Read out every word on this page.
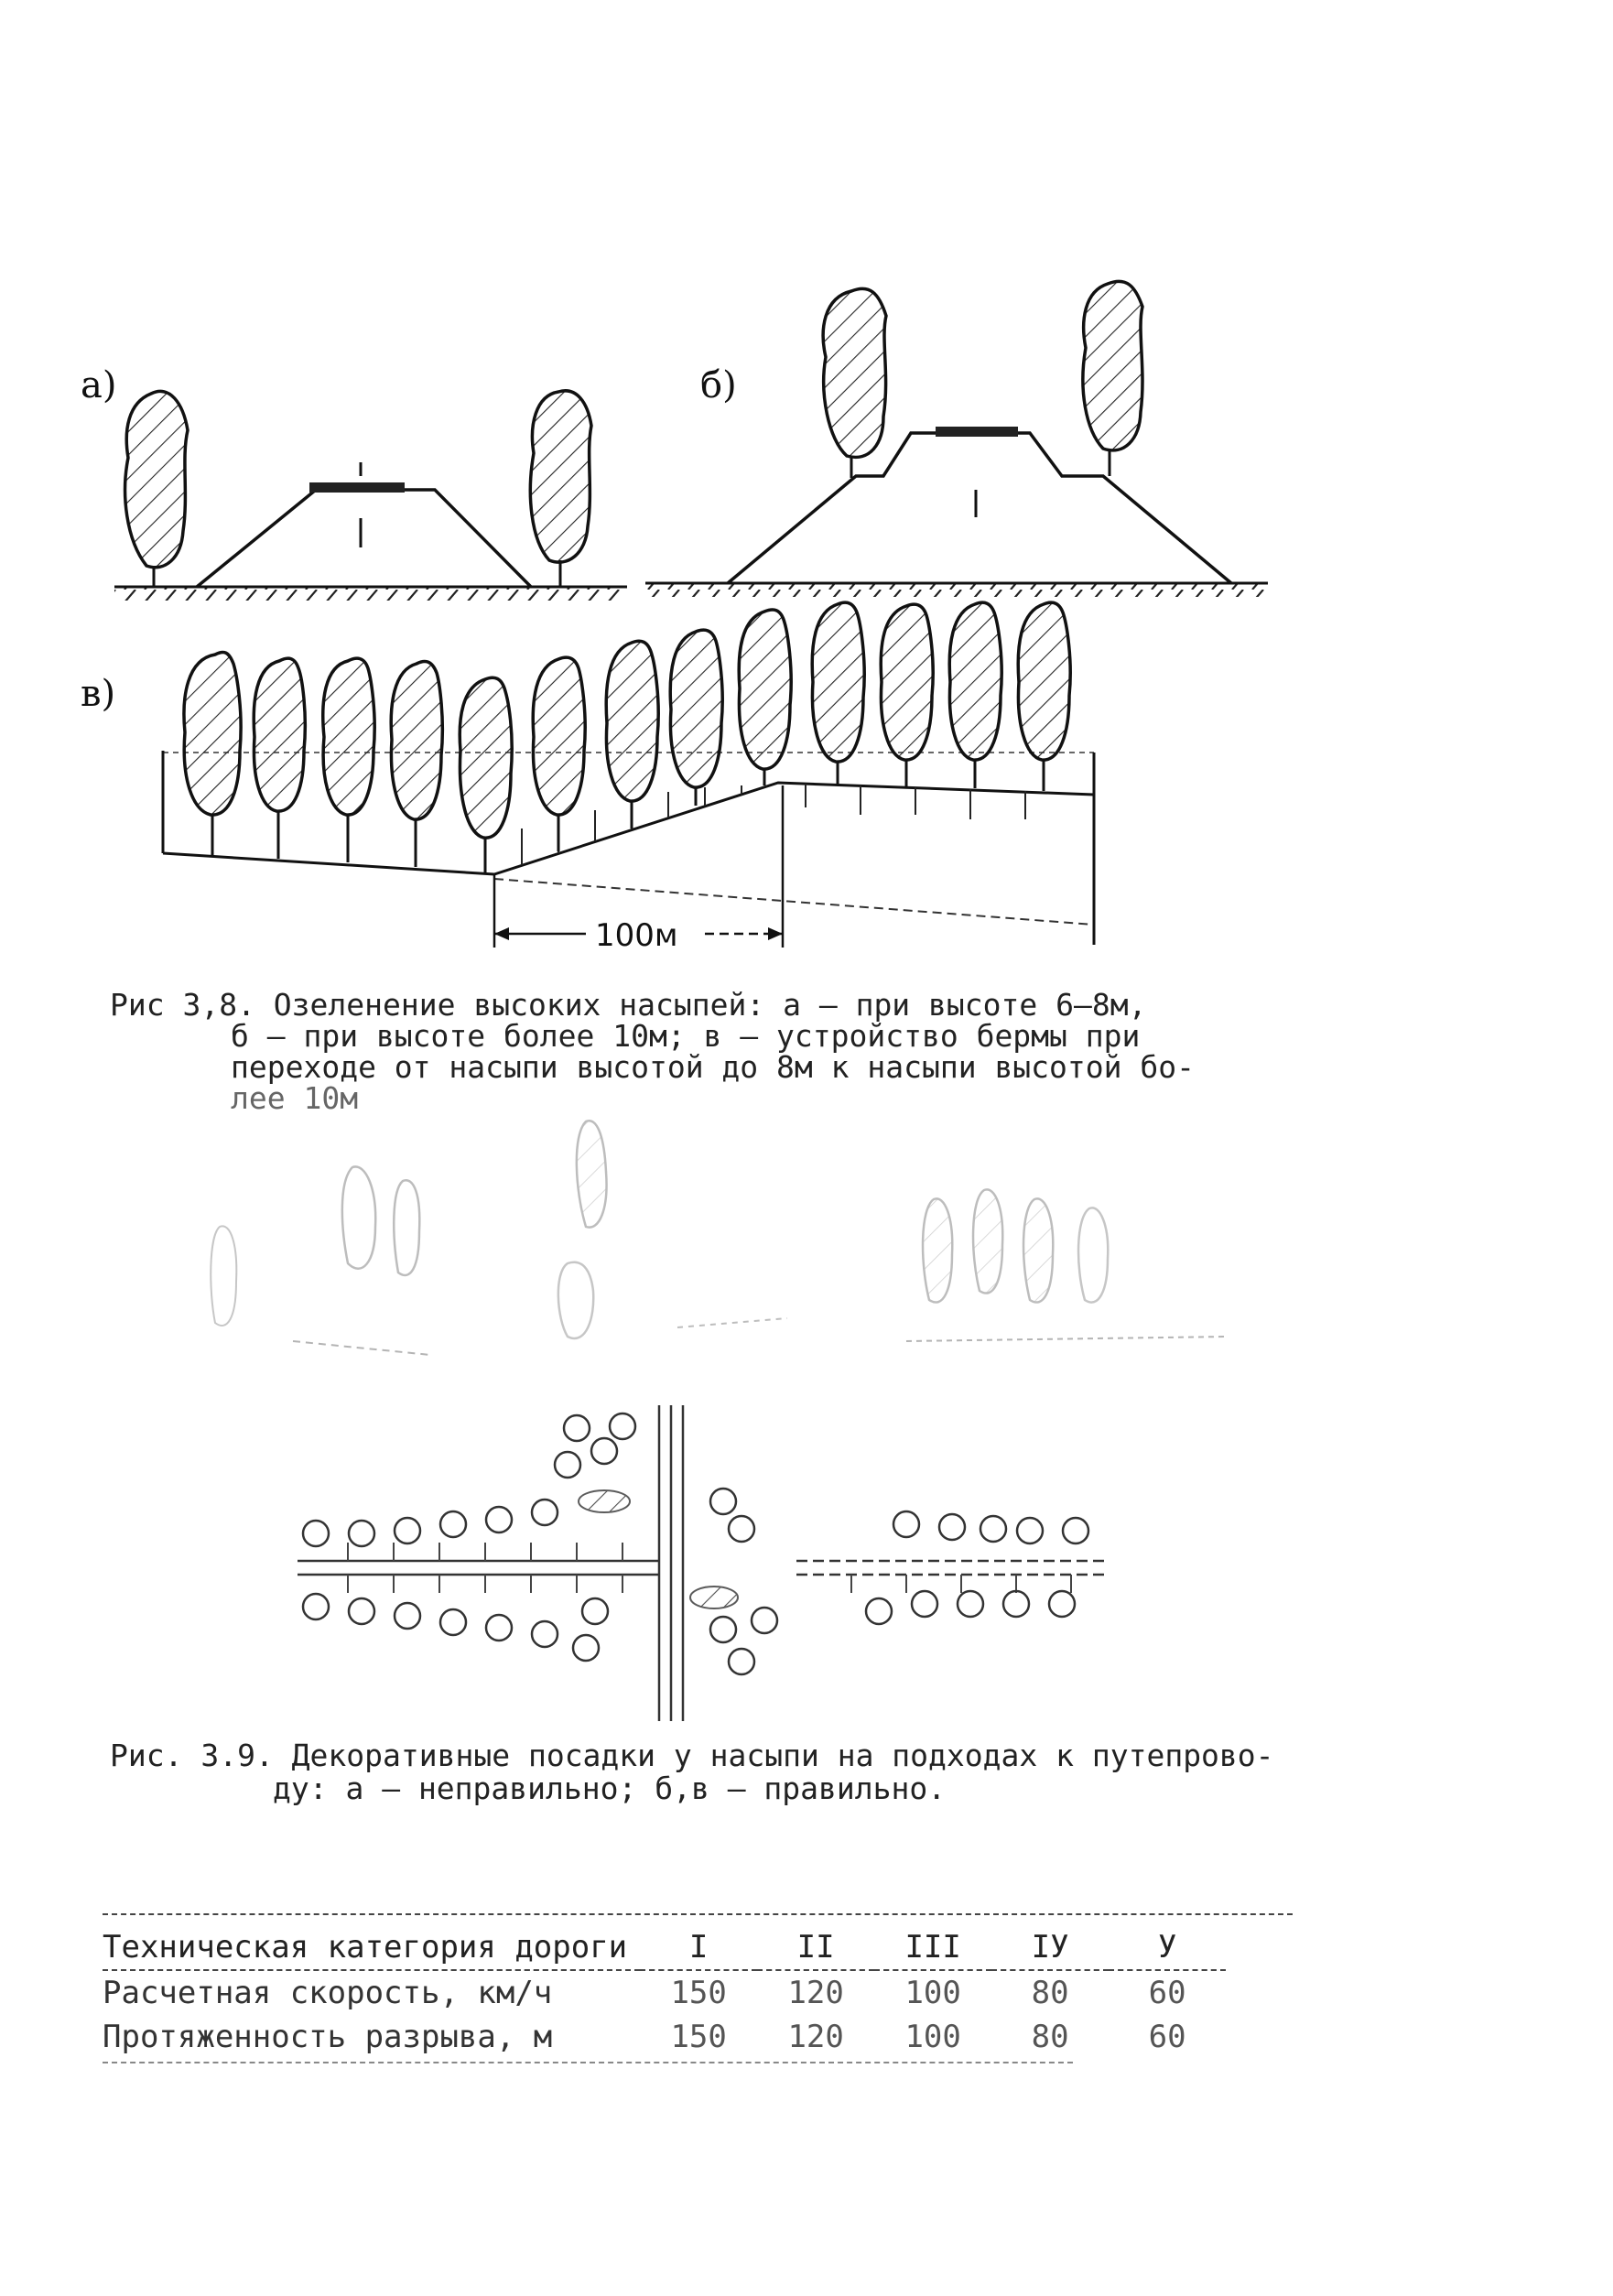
а)	б)
в)
Рис 3,8. Озеленение высоких насыпей: а – при высоте 6–8м,
б – при высоте более 10м; в – устройство бермы при
переходе от насыпи высотой до 8м к насыпи высотой бо-
лее 10м
100м
Рис. 3.9. Декоративные посадки у насыпи на подходах к путепрово-
ду: а – неправильно; б,в – правильно.
Техническая категория дороги	I	II	III	IУ	У
Расчетная скорость, км/ч	150	120	100	80	60
Протяженность разрыва, м	150	120	100	80	60
